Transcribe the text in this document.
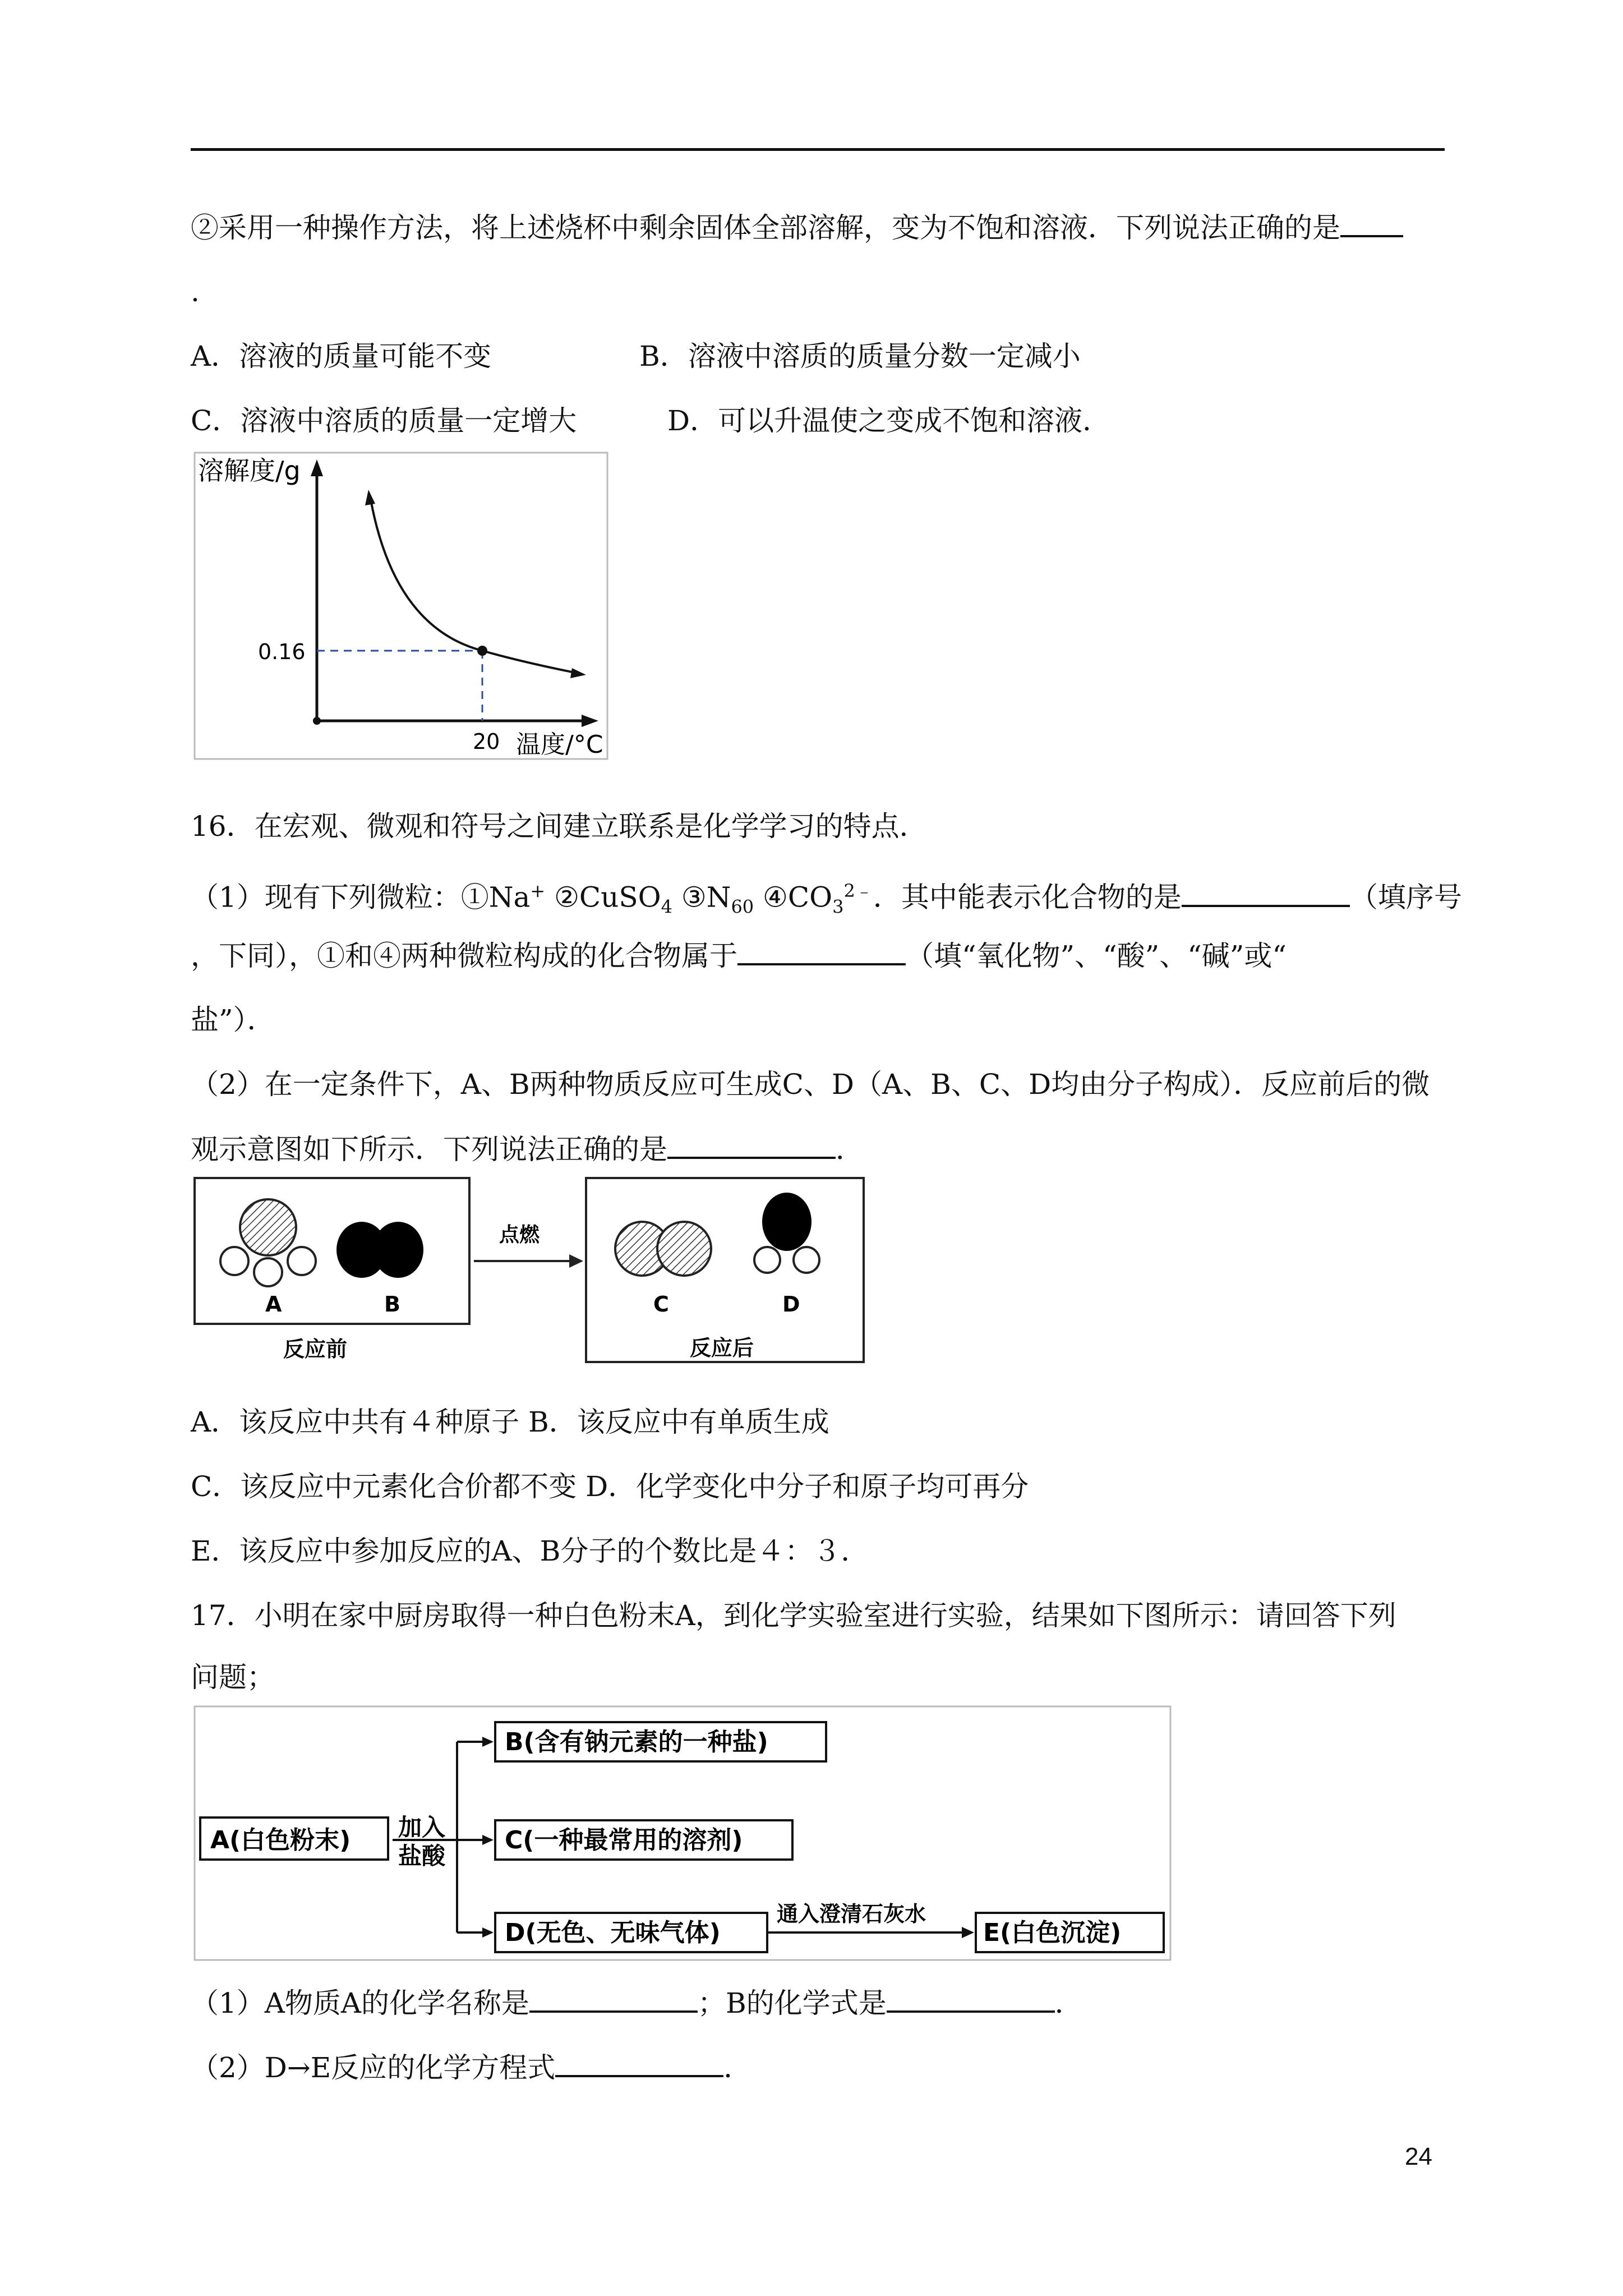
②采用一种操作方法，将上述烧杯中剩余固体全部溶解，变为不饱和溶液．下列说法正确的是
.
A．溶液的质量可能不变	B．溶液中溶质的质量分数一定减小
C．溶液中溶质的质量一定增大	D．可以升温使之变成不饱和溶液．
溶解度/g
0.16
20 温度/°C
16．在宏观、微观和符号之间建立联系是化学学习的特点．
（1）现有下列微粒：①Na+ ②CuSO$_4$ $③N_{60}$ $④CO_3^{2﹣}$．其中能表示化合物的是	（填序号
，下同），①和④两种微粒构成的化合物属于	（填“氧化物”、“酸”、“碱”或“
盐”）．
（2）在一定条件下，A、B两种物质反应可生成C、D（A、B、C、D均由分子构成）．反应前后的微
观示意图如下所示．下列说法正确的是	．
A	B
点燃
C	D
反应前	反应后
A．该反应中共有４种原子 B．该反应中有单质生成
C．该反应中元素化合价都不变 D．化学变化中分子和原子均可再分
E．该反应中参加反应的A、B分子的个数比是４：３．
17．小明在家中厨房取得一种白色粉末A，到化学实验室进行实验，结果如下图所示：请回答下列
问题；
A(白色粉末) 加入
盐酸
B(含有钠元素的一种盐)
C(一种最常用的溶剂)
D(无色、无味气体)
通入澄清石灰水
E(白色沉淀)
（1）A物质A的化学名称是	；B的化学式是	．
（2）D→E反应的化学方程式	．
24
